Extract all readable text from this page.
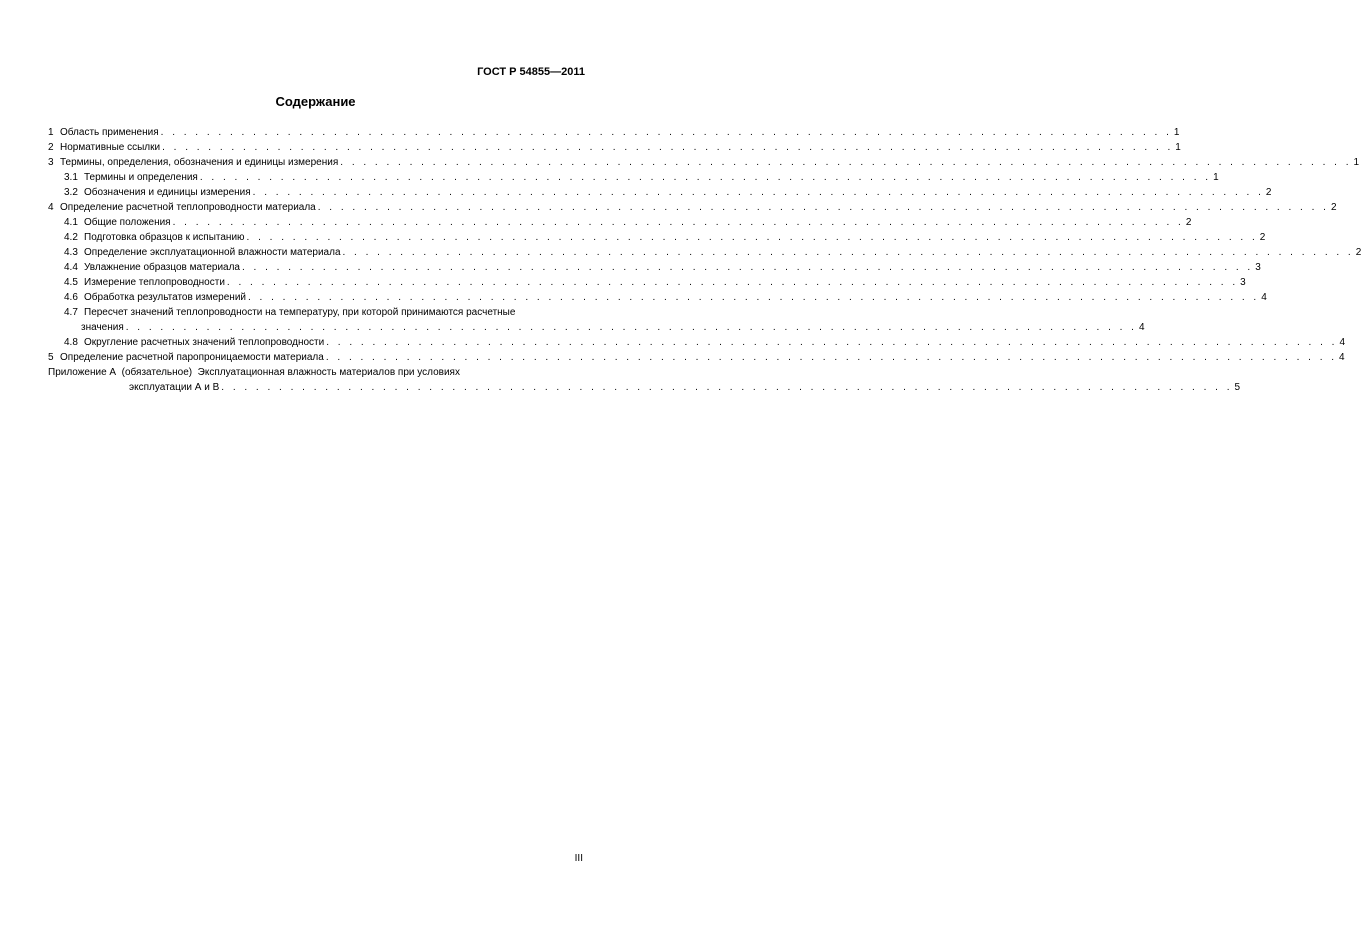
ГОСТ Р 54855—2011
Содержание
1 Область применения . . .	1
2 Нормативные ссылки . . .	1
3 Термины, определения, обозначения и единицы измерения . . .	1
3.1 Термины и определения . . .	1
3.2 Обозначения и единицы измерения . . .	2
4 Определение расчетной теплопроводности материала . . .	2
4.1 Общие положения . . .	2
4.2 Подготовка образцов к испытанию . . .	2
4.3 Определение эксплуатационной влажности материала . . .	2
4.4 Увлажнение образцов материала . . .	3
4.5 Измерение теплопроводности . . .	3
4.6 Обработка результатов измерений . . .	4
4.7 Пересчет значений теплопроводности на температуру, при которой принимаются расчетные
значения . . .	4
4.8 Округление расчетных значений теплопроводности . . .	4
5 Определение расчетной паропроницаемости материала . . .	4
Приложение А  (обязательное)  Эксплуатационная влажность материалов при условиях
эксплуатации А и В . . .	5
III
